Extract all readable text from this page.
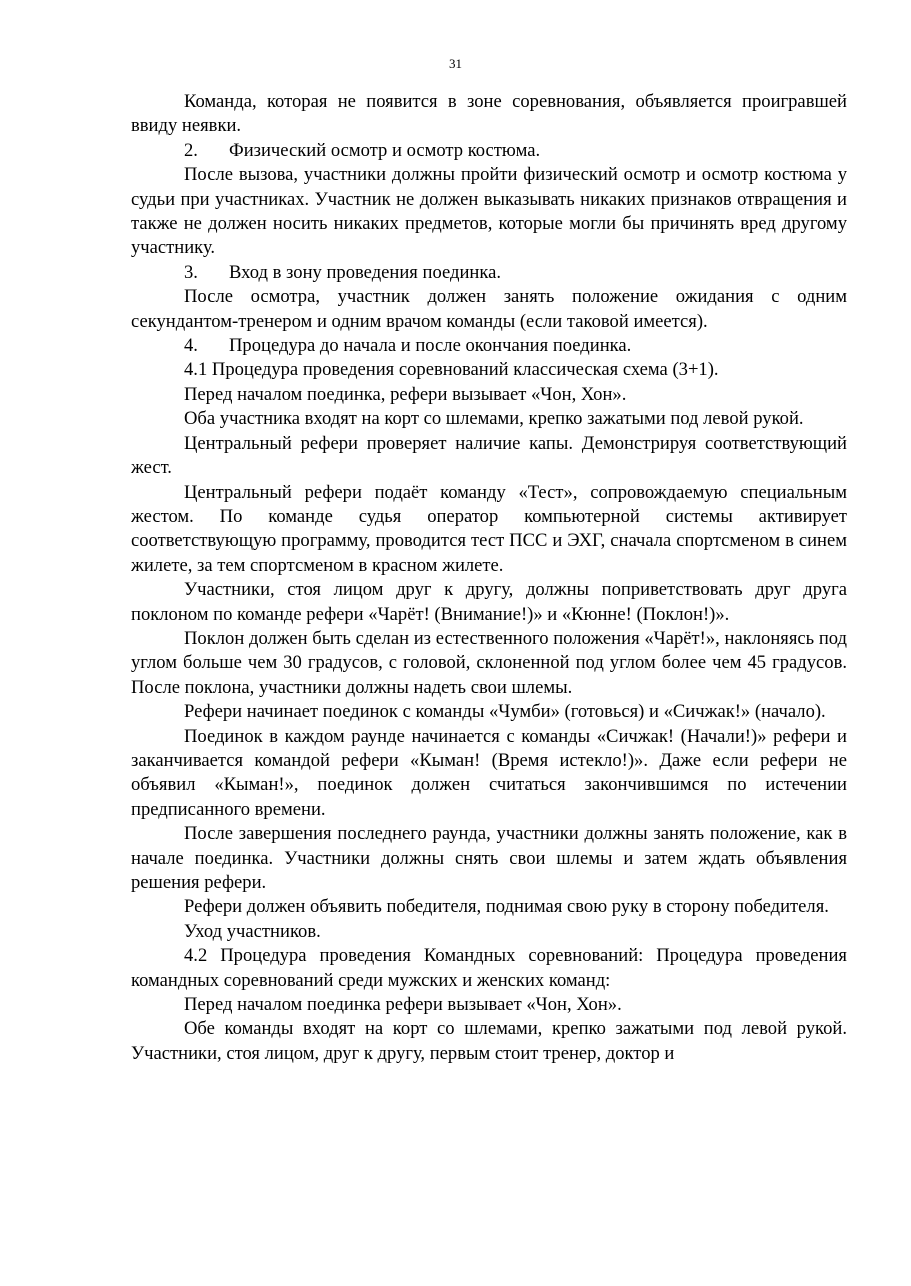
31

Команда, которая не появится в зоне соревнования, объявляется проигравшей ввиду неявки.

2. Физический осмотр и осмотр костюма.

После вызова, участники должны пройти физический осмотр и осмотр костюма у судьи при участниках. Участник не должен выказывать никаких признаков отвращения и также не должен носить никаких предметов, которые могли бы причинять вред другому участнику.

3. Вход в зону проведения поединка.

После осмотра, участник должен занять положение ожидания с одним секундантом-тренером и одним врачом команды (если таковой имеется).

4. Процедура до начала и после окончания поединка.

4.1 Процедура проведения соревнований классическая схема (3+1).

Перед началом поединка, рефери вызывает «Чон, Хон».

Оба участника входят на корт со шлемами, крепко зажатыми под левой рукой.

Центральный рефери проверяет наличие капы. Демонстрируя соответствующий жест.

Центральный рефери подаёт команду «Тест», сопровождаемую специальным жестом. По команде судья оператор компьютерной системы активирует соответствующую программу, проводится тест ПСС и ЭХГ, сначала спортсменом в синем жилете, за тем спортсменом в красном жилете.

Участники, стоя лицом друг к другу, должны поприветствовать друг друга поклоном по команде рефери «Чарёт! (Внимание!)» и «Кюнне! (Поклон!)».

Поклон должен быть сделан из естественного положения «Чарёт!», наклоняясь под углом больше чем 30 градусов, с головой, склоненной под углом более чем 45 градусов. После поклона, участники должны надеть свои шлемы.

Рефери начинает поединок с команды «Чумби» (готовься) и «Сичжак!» (начало).

Поединок в каждом раунде начинается с команды «Сичжак! (Начали!)» рефери и заканчивается командой рефери «Кыман! (Время истекло!)». Даже если рефери не объявил «Кыман!», поединок должен считаться закончившимся по истечении предписанного времени.

После завершения последнего раунда, участники должны занять положение, как в начале поединка. Участники должны снять свои шлемы и затем ждать объявления решения рефери.

Рефери должен объявить победителя, поднимая свою руку в сторону победителя.

Уход участников.

4.2 Процедура проведения Командных соревнований: Процедура проведения командных соревнований среди мужских и женских команд:

Перед началом поединка рефери вызывает «Чон, Хон».

Обе команды входят на корт со шлемами, крепко зажатыми под левой рукой. Участники, стоя лицом, друг к другу, первым стоит тренер, доктор и
